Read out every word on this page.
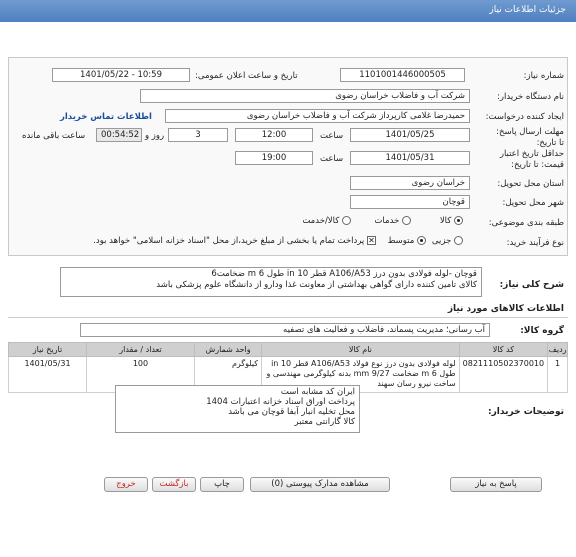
جزئیات اطلاعات نیاز
شماره نیاز:
1101001446000505
تاریخ و ساعت اعلان عمومی:
1401/05/22 - 10:59
نام دستگاه خریدار:
شرکت آب و فاضلاب خراسان رضوی
ایجاد کننده درخواست:
حمیدرضا غلامی کارپرداز شرکت آب و فاضلاب خراسان رضوی
اطلاعات تماس خریدار
مهلت ارسال پاسخ: تا تاریخ:
1401/05/25
ساعت
12:00
3
روز و
00:54:52
ساعت باقی مانده
حداقل تاریخ اعتبار قیمت: تا تاریخ:
1401/05/31
ساعت
19:00
استان محل تحویل:
خراسان رضوی
شهر محل تحویل:
قوچان
طبقه بندی موضوعی:
کالا
خدمات
کالا/خدمت
نوع فرآیند خرید:
جزیی
متوسط
✕ پرداخت تمام یا بخشی از مبلغ خرید،از محل "اسناد خزانه اسلامی" خواهد بود.
شرح کلی نیاز:
قوچان -لوله فولادی بدون درز A106/A53 قطر 10 in طول 6 m ضخامت6
کالای تامین کننده دارای گواهی بهداشتی از معاونت غذا ودارو از دانشگاه علوم پزشکی باشد
اطلاعات کالاهای مورد نیاز
گروه کالا:
آب رسانی؛ مدیریت پسماند، فاضلاب و فعالیت های تصفیه
ردیف	کد کالا	نام کالا	واحد شمارش	تعداد / مقدار	تاریخ نیاز
1	0821110502370010	لوله فولادی بدون درز نوع فولاد A106/A53 قطر 10 in طول 6 m ضخامت 9/27 mm بدنه کیلوگرمی مهندسی و ساخت نیرو رسان سهند	کیلوگرم	100	1401/05/31
توضیحات خریدار:
ایران کد مشابه است
پرداخت اوراق اسناد خزانه اعتبارات 1404
محل تخلیه انبار آبفا قوچان می باشد
کالا گارانتی معتبر
پاسخ به نیاز
مشاهده مدارک پیوستی (0)
چاپ
بازگشت
خروج
